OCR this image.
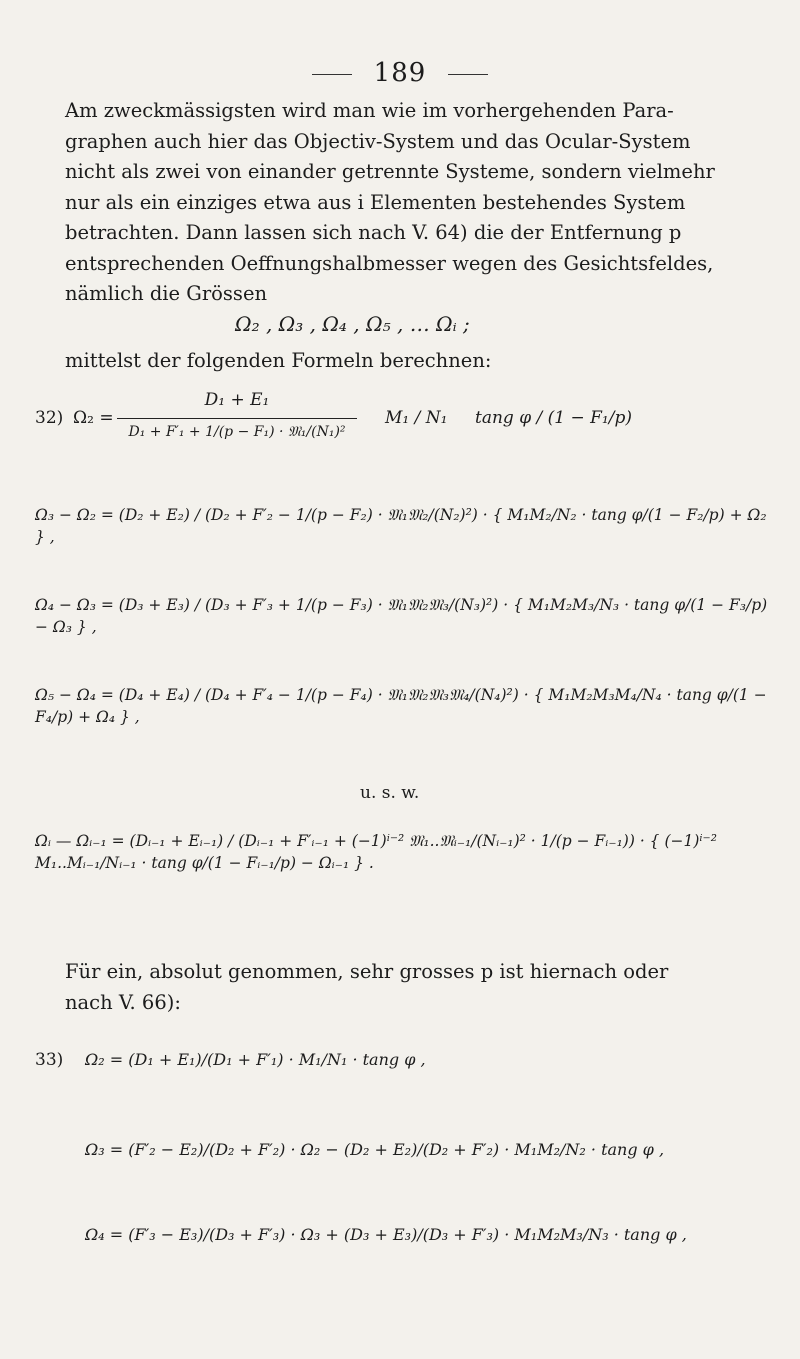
189
Am zweckmässigsten wird man wie im vorhergehenden Para-
graphen auch hier das Objectiv-System und das Ocular-System
nicht als zwei von einander getrennte Systeme, sondern vielmehr
nur als ein einziges etwa aus i Elementen bestehendes System
betrachten. Dann lassen sich nach V. 64) die der Entfernung p
entsprechenden Oeffnungshalbmesser wegen des Gesichtsfeldes,
nämlich die Grössen
Ω₂ , Ω₃ , Ω₄ , Ω₅ , … Ωᵢ ;
mittelst der folgenden Formeln berechnen:
32) Ω₂ =
D₁ + E₁
D₁ + F′₁ + 1/(p − F₁) · 𝔐₁/(N₁)²
M₁ / N₁ tang φ / (1 − F₁/p)
Ω₃ − Ω₂ = (D₂ + E₂) / (D₂ + F′₂ − 1/(p − F₂) · 𝔐₁𝔐₂/(N₂)²) · { M₁M₂/N₂ · tang φ/(1 − F₂/p) + Ω₂ } ,
Ω₄ − Ω₃ = (D₃ + E₃) / (D₃ + F′₃ + 1/(p − F₃) · 𝔐₁𝔐₂𝔐₃/(N₃)²) · { M₁M₂M₃/N₃ · tang φ/(1 − F₃/p) − Ω₃ } ,
Ω₅ − Ω₄ = (D₄ + E₄) / (D₄ + F′₄ − 1/(p − F₄) · 𝔐₁𝔐₂𝔐₃𝔐₄/(N₄)²) · { M₁M₂M₃M₄/N₄ · tang φ/(1 − F₄/p) + Ω₄ } ,
u. s. w.
Ωᵢ — Ωᵢ₋₁ = (Dᵢ₋₁ + Eᵢ₋₁) / (Dᵢ₋₁ + F′ᵢ₋₁ + (−1)ⁱ⁻² 𝔐₁..𝔐ᵢ₋₁/(Nᵢ₋₁)² · 1/(p − Fᵢ₋₁)) · { (−1)ⁱ⁻² M₁..Mᵢ₋₁/Nᵢ₋₁ · tang φ/(1 − Fᵢ₋₁/p) − Ωᵢ₋₁ } .
Für ein, absolut genommen, sehr grosses p ist hiernach oder
nach V. 66):
33) Ω₂ = (D₁ + E₁)/(D₁ + F′₁) · M₁/N₁ · tang φ ,
Ω₃ = (F′₂ − E₂)/(D₂ + F′₂) · Ω₂ − (D₂ + E₂)/(D₂ + F′₂) · M₁M₂/N₂ · tang φ ,
Ω₄ = (F′₃ − E₃)/(D₃ + F′₃) · Ω₃ + (D₃ + E₃)/(D₃ + F′₃) · M₁M₂M₃/N₃ · tang φ ,
